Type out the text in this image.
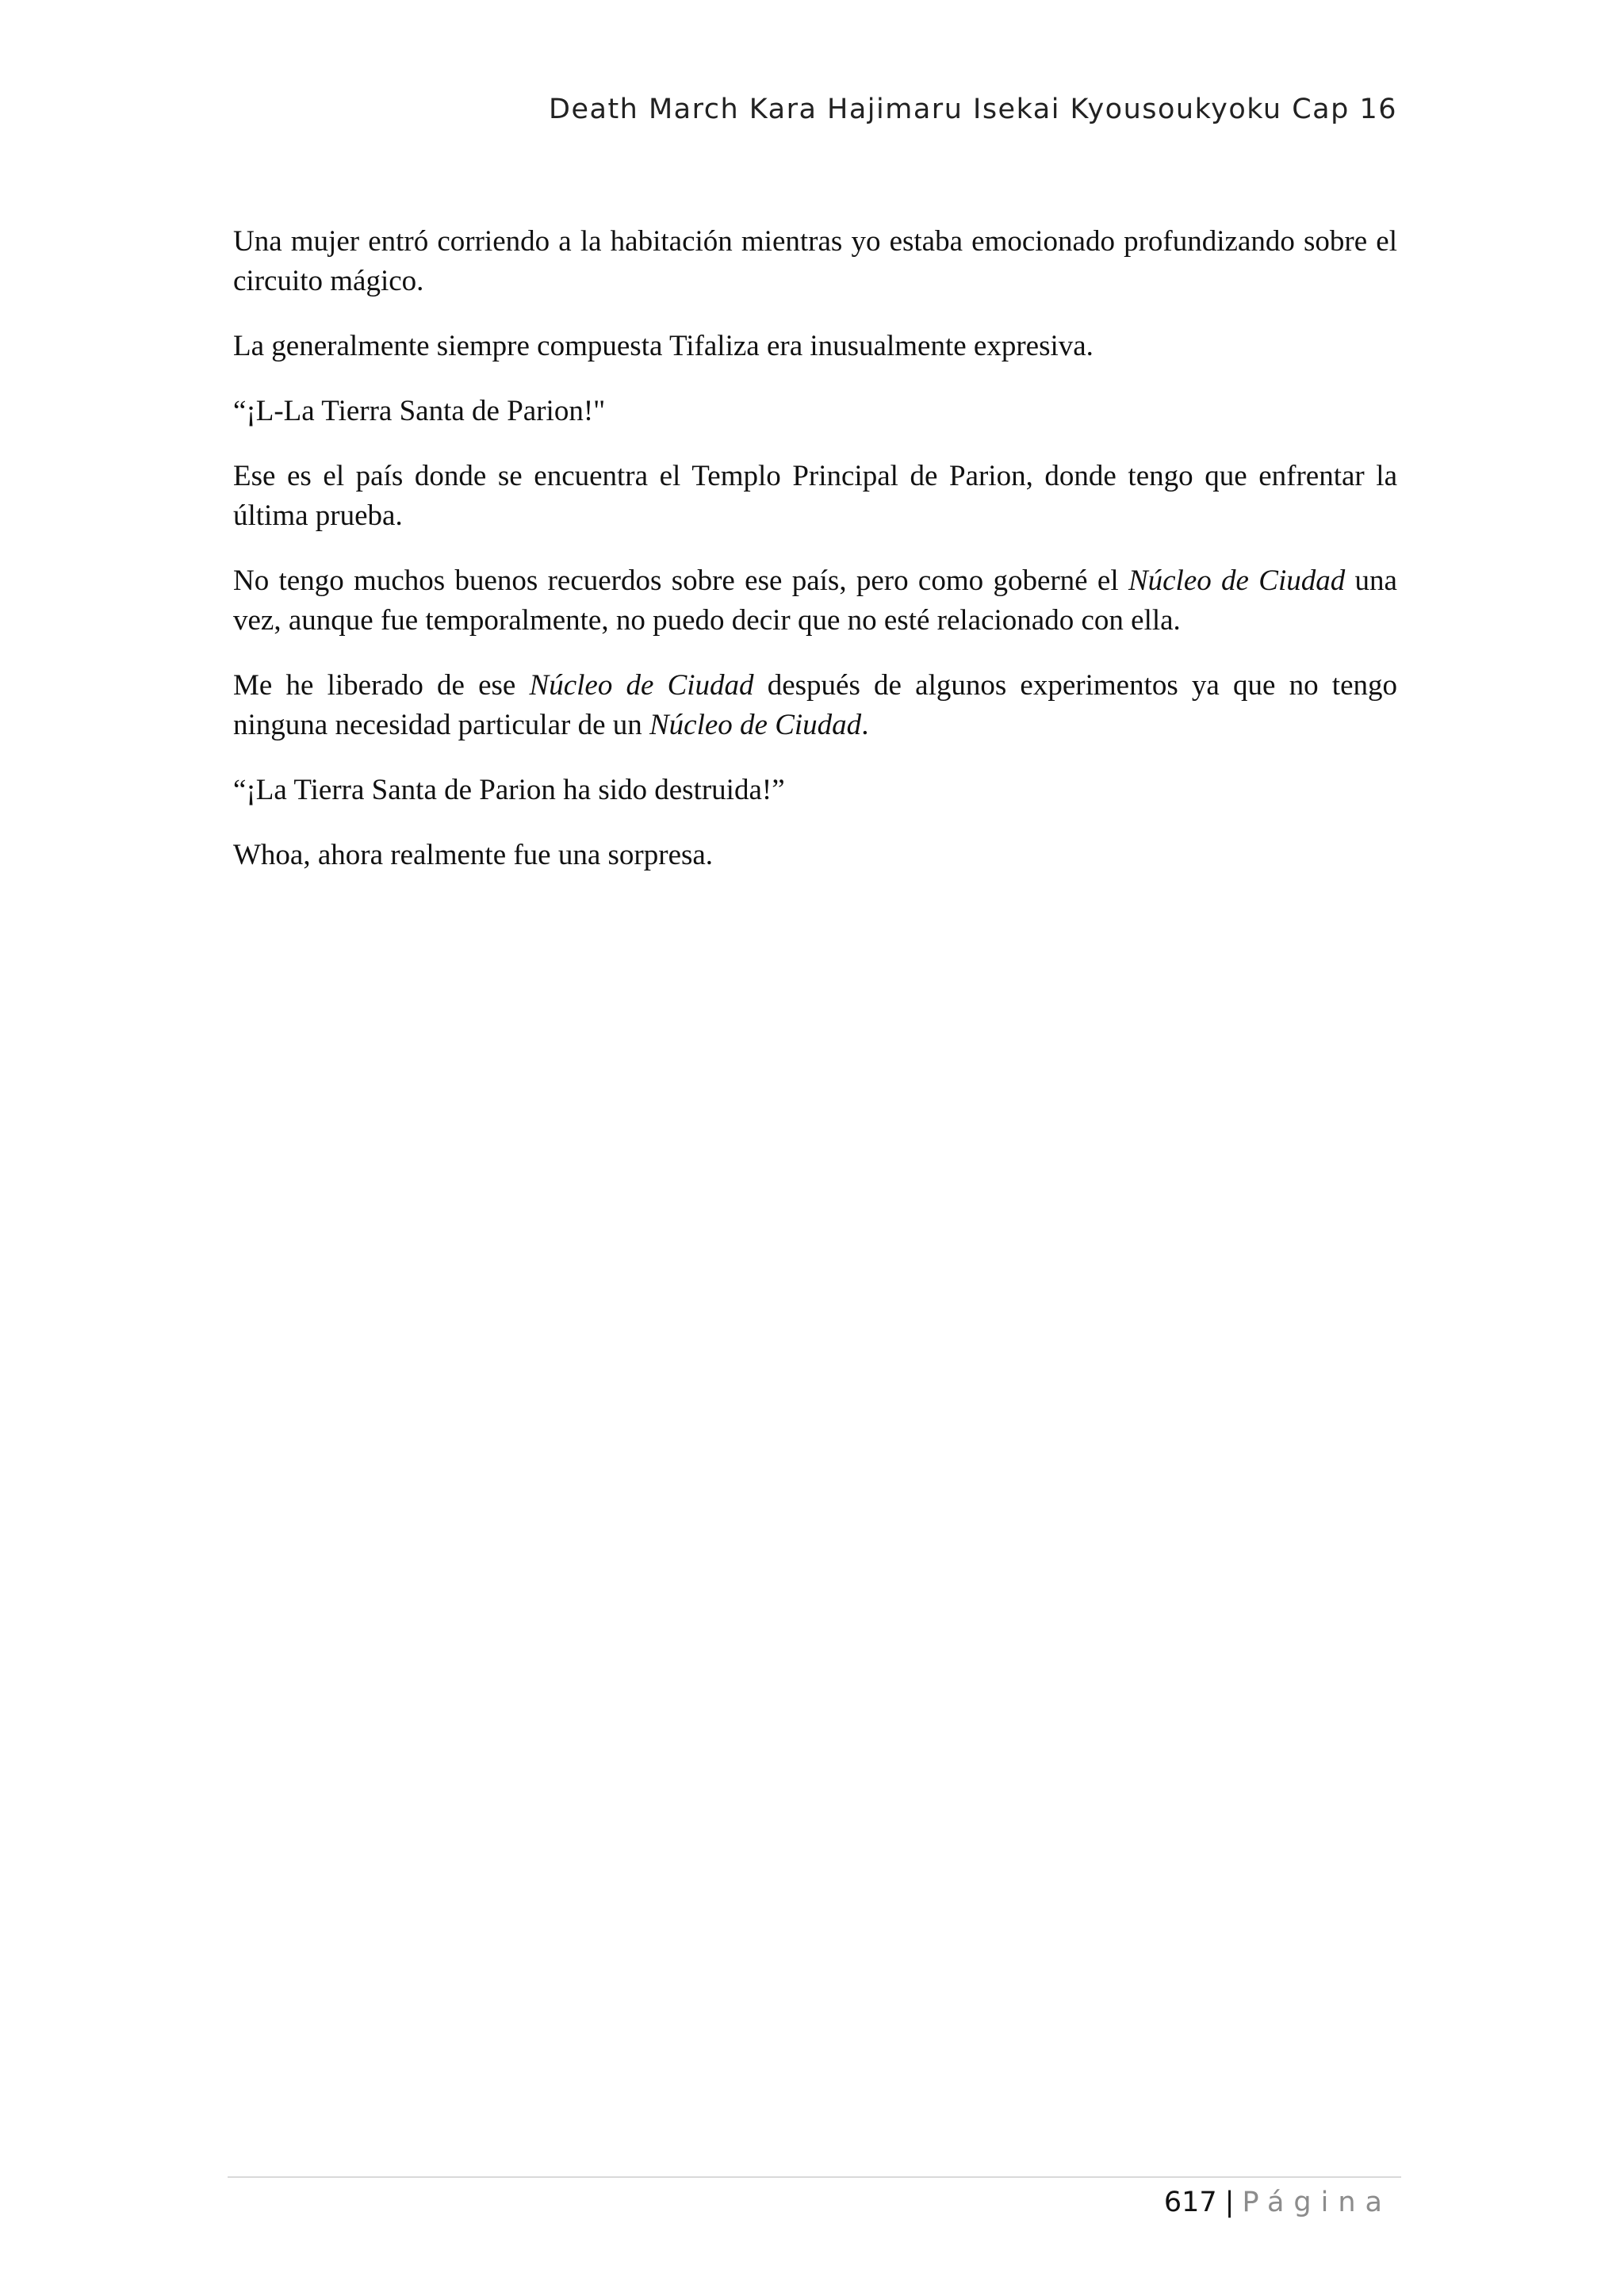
Death March Kara Hajimaru Isekai Kyousoukyoku Cap 16

Una mujer entró corriendo a la habitación mientras yo estaba emocionado profundizando sobre el circuito mágico.

La generalmente siempre compuesta Tifaliza era inusualmente expresiva.

“¡L-La Tierra Santa de Parion!"

Ese es el país donde se encuentra el Templo Principal de Parion, donde tengo que enfrentar la última prueba.

No tengo muchos buenos recuerdos sobre ese país, pero como goberné el Núcleo de Ciudad una vez, aunque fue temporalmente, no puedo decir que no esté relacionado con ella.

Me he liberado de ese Núcleo de Ciudad después de algunos experimentos ya que no tengo ninguna necesidad particular de un Núcleo de Ciudad.

“¡La Tierra Santa de Parion ha sido destruida!”

Whoa, ahora realmente fue una sorpresa.

617 | Página
